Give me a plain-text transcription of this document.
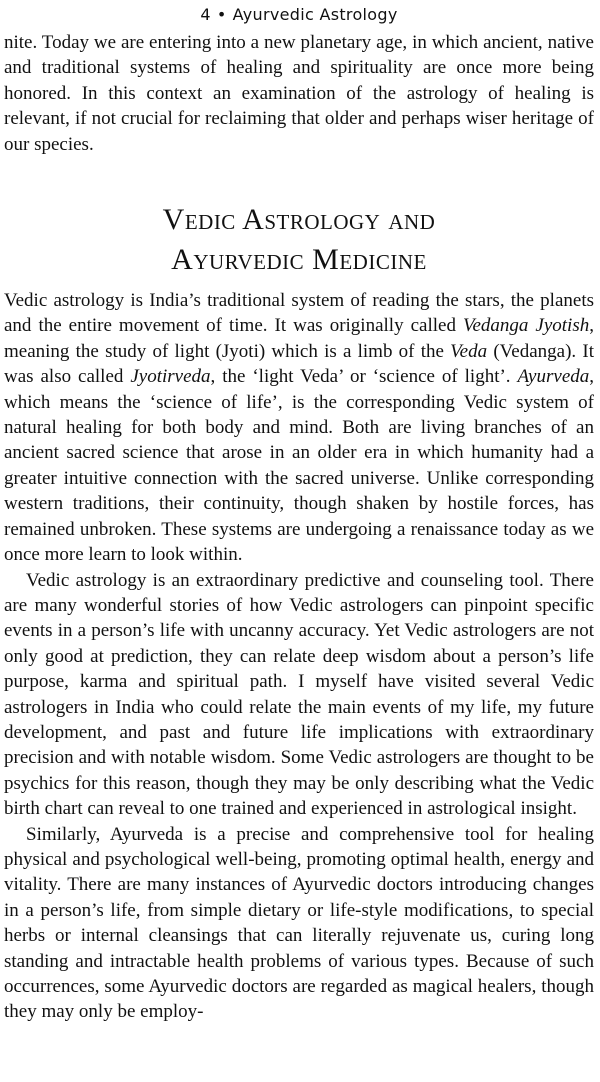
4 • Ayurvedic Astrology

nite. Today we are entering into a new planetary age, in which ancient, native and traditional systems of healing and spirituality are once more being honored. In this context an examination of the astrology of healing is relevant, if not crucial for reclaiming that older and perhaps wiser heritage of our species.

Vedic Astrology and
Ayurvedic Medicine

Vedic astrology is India’s traditional system of reading the stars, the planets and the entire movement of time. It was originally called Vedanga Jyotish, meaning the study of light (Jyoti) which is a limb of the Veda (Vedanga). It was also called Jyotirveda, the ‘light Veda’ or ‘science of light’. Ayurveda, which means the ‘science of life’, is the corresponding Vedic system of natural healing for both body and mind. Both are living branches of an ancient sacred science that arose in an older era in which humanity had a greater intuitive connection with the sacred universe. Unlike corresponding western traditions, their continuity, though shaken by hostile forces, has remained unbroken. These systems are undergoing a renaissance today as we once more learn to look within.

Vedic astrology is an extraordinary predictive and counseling tool. There are many wonderful stories of how Vedic astrologers can pinpoint specific events in a person’s life with uncanny accuracy. Yet Vedic astrologers are not only good at prediction, they can relate deep wisdom about a person’s life purpose, karma and spiritual path. I myself have visited several Vedic astrologers in India who could relate the main events of my life, my future development, and past and future life implications with extraordinary precision and with notable wisdom. Some Vedic astrologers are thought to be psychics for this reason, though they may be only describing what the Vedic birth chart can reveal to one trained and experienced in astrological insight.

Similarly, Ayurveda is a precise and comprehensive tool for healing physical and psychological well-being, promoting optimal health, energy and vitality. There are many instances of Ayurvedic doctors introducing changes in a person’s life, from simple dietary or life-style modifications, to special herbs or internal cleansings that can literally rejuvenate us, curing long standing and intractable health problems of various types. Because of such occurrences, some Ayurvedic doctors are regarded as magical healers, though they may only be employ-
